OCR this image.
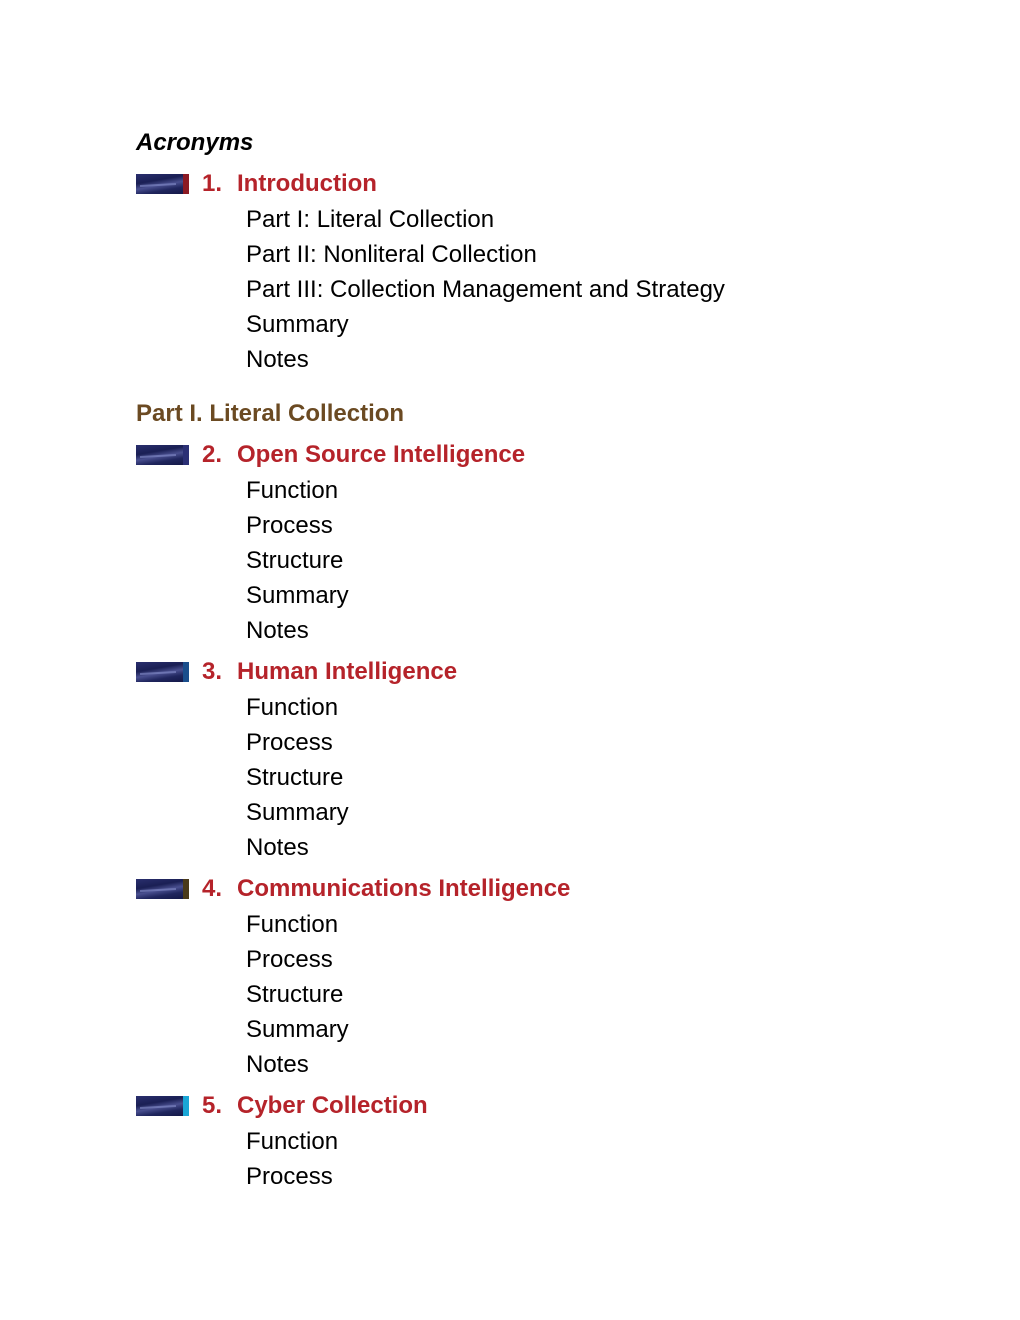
Acronyms
1. Introduction
Part I: Literal Collection
Part II: Nonliteral Collection
Part III: Collection Management and Strategy
Summary
Notes
Part I. Literal Collection
2. Open Source Intelligence
Function
Process
Structure
Summary
Notes
3. Human Intelligence
Function
Process
Structure
Summary
Notes
4. Communications Intelligence
Function
Process
Structure
Summary
Notes
5. Cyber Collection
Function
Process
